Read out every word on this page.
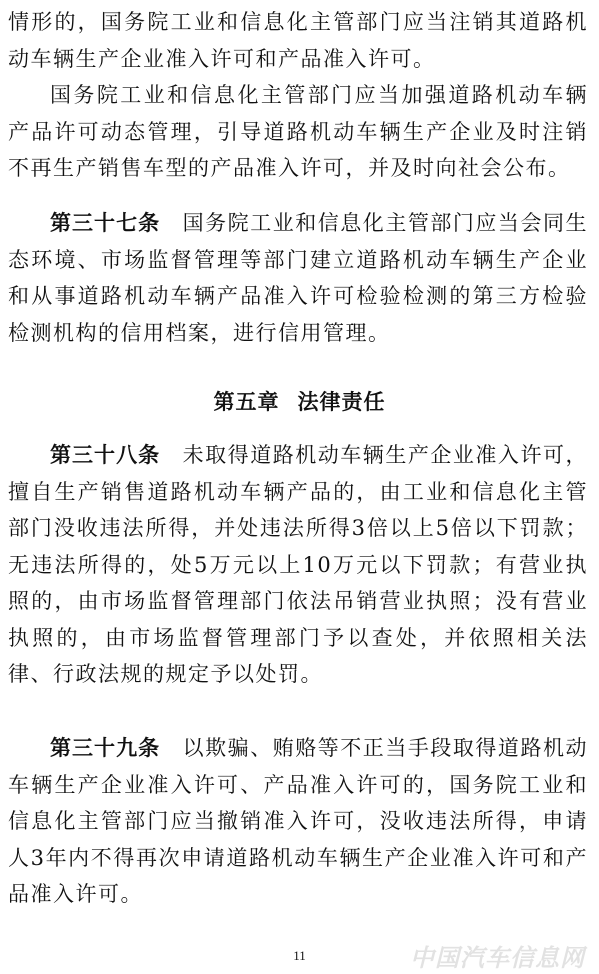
情形的，国务院工业和信息化主管部门应当注销其道路机动车辆生产企业准入许可和产品准入许可。

国务院工业和信息化主管部门应当加强道路机动车辆产品许可动态管理，引导道路机动车辆生产企业及时注销不再生产销售车型的产品准入许可，并及时向社会公布。

第三十七条  国务院工业和信息化主管部门应当会同生态环境、市场监督管理等部门建立道路机动车辆生产企业和从事道路机动车辆产品准入许可检验检测的第三方检验检测机构的信用档案，进行信用管理。

第五章 法律责任

第三十八条  未取得道路机动车辆生产企业准入许可，擅自生产销售道路机动车辆产品的，由工业和信息化主管部门没收违法所得，并处违法所得3倍以上5倍以下罚款；无违法所得的，处5万元以上10万元以下罚款；有营业执照的，由市场监督管理部门依法吊销营业执照；没有营业执照的，由市场监督管理部门予以查处，并依照相关法律、行政法规的规定予以处罚。

第三十九条  以欺骗、贿赂等不正当手段取得道路机动车辆生产企业准入许可、产品准入许可的，国务院工业和信息化主管部门应当撤销准入许可，没收违法所得，申请人3年内不得再次申请道路机动车辆生产企业准入许可和产品准入许可。

11	中国汽车信息网
